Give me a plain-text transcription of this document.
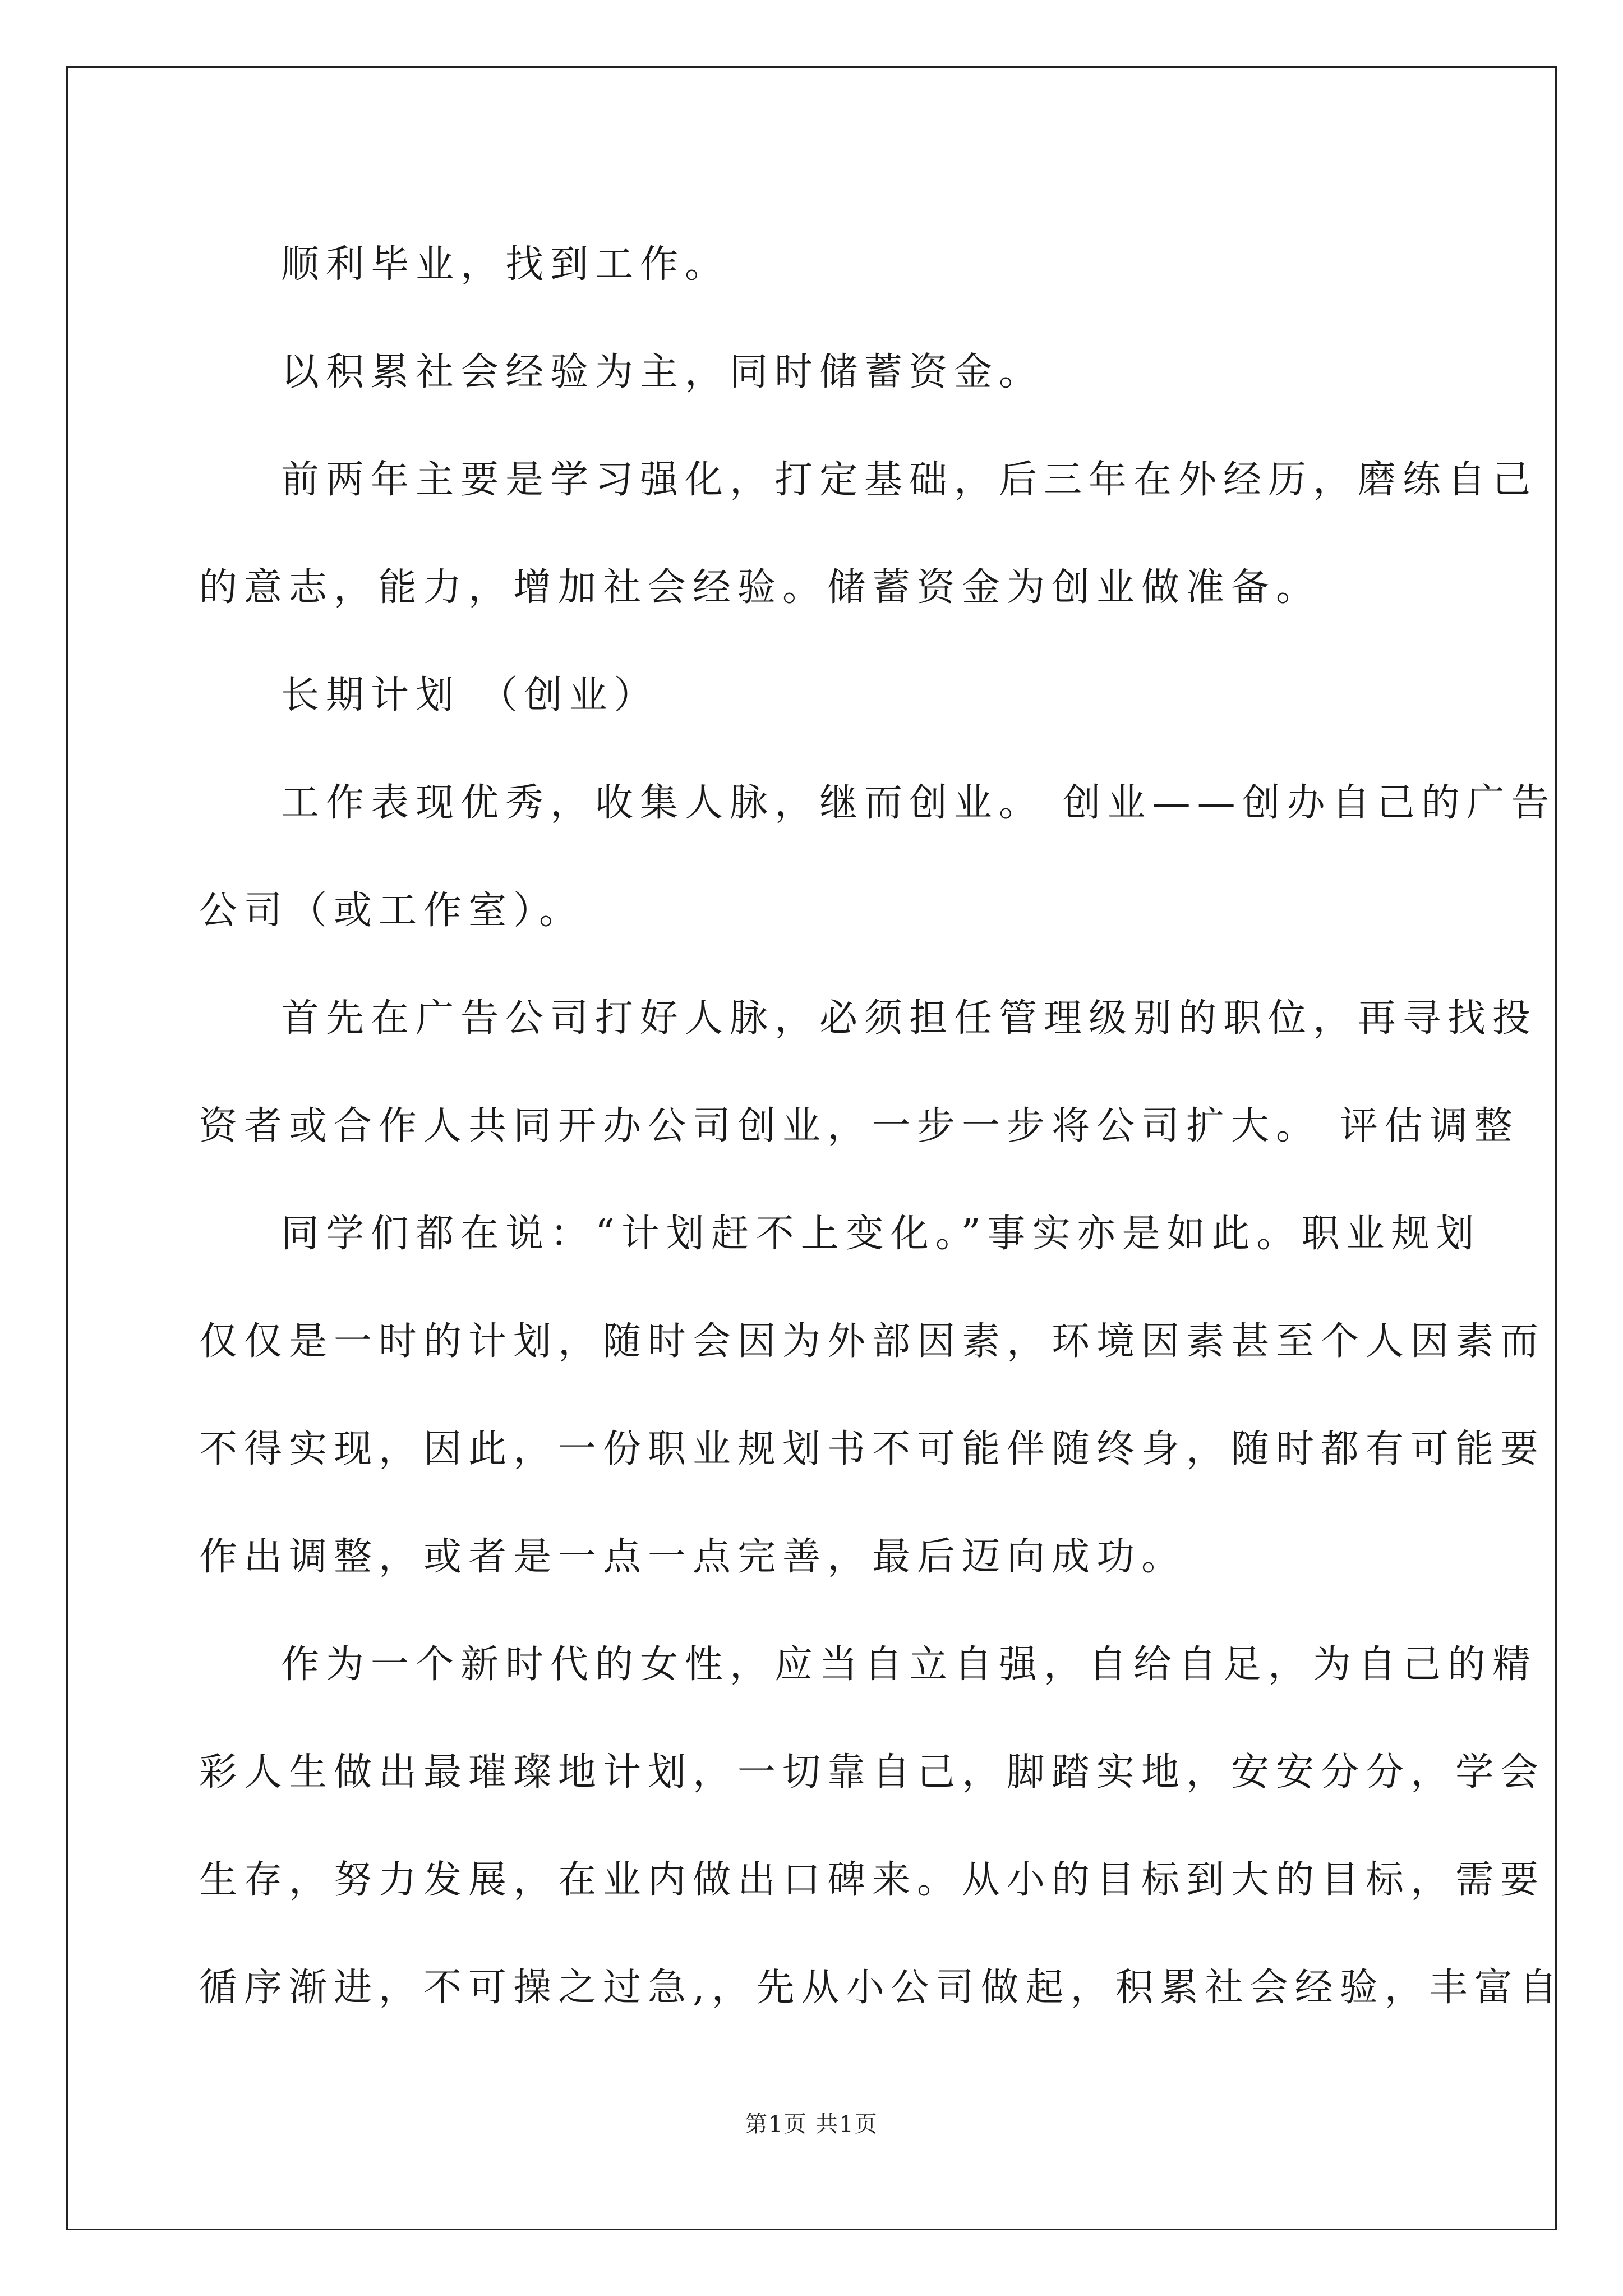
顺利毕业，找到工作。

以积累社会经验为主，同时储蓄资金。

前两年主要是学习强化，打定基础，后三年在外经历，磨练自己
的意志，能力，增加社会经验。储蓄资金为创业做准备。

长期计划 （创业）

工作表现优秀，收集人脉，继而创业。 创业——创办自己的广告
公司（或工作室）。

首先在广告公司打好人脉，必须担任管理级别的职位，再寻找投
资者或合作人共同开办公司创业，一步一步将公司扩大。 评估调整

同学们都在说：“计划赶不上变化。”事实亦是如此。职业规划
仅仅是一时的计划，随时会因为外部因素，环境因素甚至个人因素而
不得实现，因此，一份职业规划书不可能伴随终身，随时都有可能要
作出调整，或者是一点一点完善，最后迈向成功。

作为一个新时代的女性，应当自立自强，自给自足，为自己的精
彩人生做出最璀璨地计划，一切靠自己，脚踏实地，安安分分，学会
生存，努力发展，在业内做出口碑来。从小的目标到大的目标，需要
循序渐进，不可操之过急,，先从小公司做起，积累社会经验，丰富自

第1页 共1页
